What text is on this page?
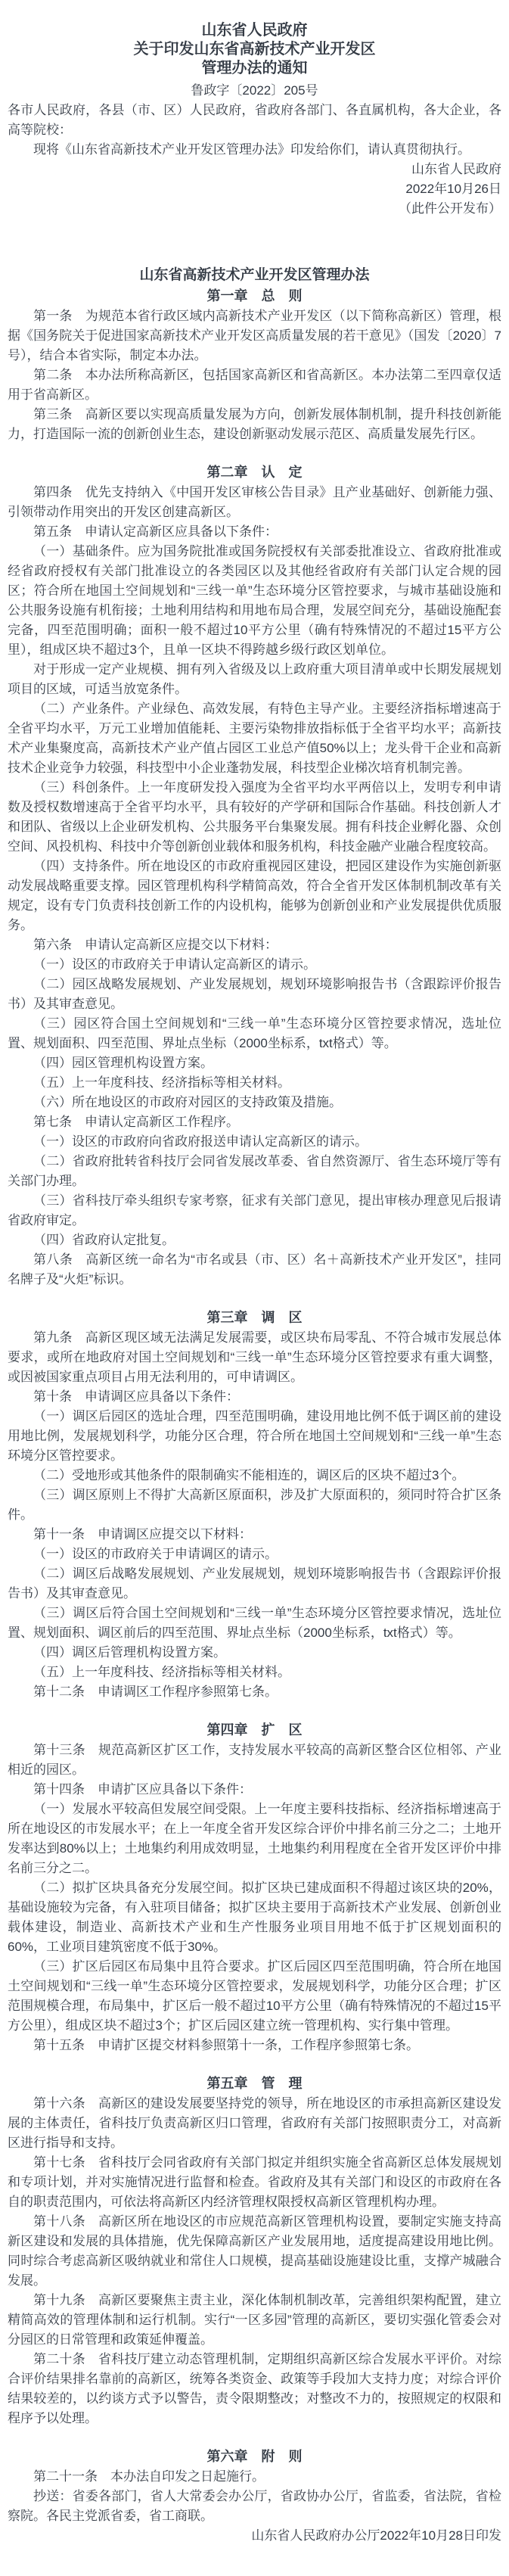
山东省人民政府
关于印发山东省高新技术产业开发区
管理办法的通知
鲁政字〔2022〕205号

各市人民政府，各县（市、区）人民政府，省政府各部门、各直属机构，各大企业，各高等院校：

现将《山东省高新技术产业开发区管理办法》印发给你们，请认真贯彻执行。

山东省人民政府

2022年10月26日

（此件公开发布）

山东省高新技术产业开发区管理办法
第一章　总　则

第一条　为规范本省行政区域内高新技术产业开发区（以下简称高新区）管理，根据《国务院关于促进国家高新技术产业开发区高质量发展的若干意见》（国发〔2020〕7号），结合本省实际，制定本办法。

第二条　本办法所称高新区，包括国家高新区和省高新区。本办法第二至四章仅适用于省高新区。

第三条　高新区要以实现高质量发展为方向，创新发展体制机制，提升科技创新能力，打造国际一流的创新创业生态，建设创新驱动发展示范区、高质量发展先行区。

第二章　认　定

第四条　优先支持纳入《中国开发区审核公告目录》且产业基础好、创新能力强、引领带动作用突出的开发区创建高新区。

第五条　申请认定高新区应具备以下条件：

（一）基础条件。应为国务院批准或国务院授权有关部委批准设立、省政府批准或经省政府授权有关部门批准设立的各类园区以及其他经省政府有关部门认定合规的园区；符合所在地国土空间规划和“三线一单”生态环境分区管控要求，与城市基础设施和公共服务设施有机衔接；土地利用结构和用地布局合理，发展空间充分，基础设施配套完备，四至范围明确；面积一般不超过10平方公里（确有特殊情况的不超过15平方公里），组成区块不超过3个，且单一区块不得跨越乡级行政区划单位。

对于形成一定产业规模、拥有列入省级及以上政府重大项目清单或中长期发展规划项目的区域，可适当放宽条件。

（二）产业条件。产业绿色、高效发展，有特色主导产业。主要经济指标增速高于全省平均水平，万元工业增加值能耗、主要污染物排放指标低于全省平均水平；高新技术产业集聚度高，高新技术产业产值占园区工业总产值50%以上；龙头骨干企业和高新技术企业竞争力较强，科技型中小企业蓬勃发展，科技型企业梯次培育机制完善。

（三）科创条件。上一年度研发投入强度为全省平均水平两倍以上，发明专利申请数及授权数增速高于全省平均水平，具有较好的产学研和国际合作基础。科技创新人才和团队、省级以上企业研发机构、公共服务平台集聚发展。拥有科技企业孵化器、众创空间、风投机构、科技中介等创新创业载体和服务机构，科技金融产业融合程度较高。

（四）支持条件。所在地设区的市政府重视园区建设，把园区建设作为实施创新驱动发展战略重要支撑。园区管理机构科学精简高效，符合全省开发区体制机制改革有关规定，设有专门负责科技创新工作的内设机构，能够为创新创业和产业发展提供优质服务。

第六条　申请认定高新区应提交以下材料：

（一）设区的市政府关于申请认定高新区的请示。

（二）园区战略发展规划、产业发展规划，规划环境影响报告书（含跟踪评价报告书）及其审查意见。

（三）园区符合国土空间规划和“三线一单”生态环境分区管控要求情况，选址位置、规划面积、四至范围、界址点坐标（2000坐标系，txt格式）等。

（四）园区管理机构设置方案。

（五）上一年度科技、经济指标等相关材料。

（六）所在地设区的市政府对园区的支持政策及措施。

第七条　申请认定高新区工作程序。

（一）设区的市政府向省政府报送申请认定高新区的请示。

（二）省政府批转省科技厅会同省发展改革委、省自然资源厅、省生态环境厅等有关部门办理。

（三）省科技厅牵头组织专家考察，征求有关部门意见，提出审核办理意见后报请省政府审定。

（四）省政府认定批复。

第八条　高新区统一命名为“市名或县（市、区）名＋高新技术产业开发区”，挂同名牌子及“火炬”标识。

第三章　调　区

第九条　高新区现区域无法满足发展需要，或区块布局零乱、不符合城市发展总体要求，或所在地政府对国土空间规划和“三线一单”生态环境分区管控要求有重大调整，或因被国家重点项目占用无法利用的，可申请调区。

第十条　申请调区应具备以下条件：

（一）调区后园区的选址合理，四至范围明确，建设用地比例不低于调区前的建设用地比例，发展规划科学，功能分区合理，符合所在地国土空间规划和“三线一单”生态环境分区管控要求。

（二）受地形或其他条件的限制确实不能相连的，调区后的区块不超过3个。

（三）调区原则上不得扩大高新区原面积，涉及扩大原面积的，须同时符合扩区条件。

第十一条　申请调区应提交以下材料：

（一）设区的市政府关于申请调区的请示。

（二）调区后战略发展规划、产业发展规划，规划环境影响报告书（含跟踪评价报告书）及其审查意见。

（三）调区后符合国土空间规划和“三线一单”生态环境分区管控要求情况，选址位置、规划面积、调区前后的四至范围、界址点坐标（2000坐标系，txt格式）等。

（四）调区后管理机构设置方案。

（五）上一年度科技、经济指标等相关材料。

第十二条　申请调区工作程序参照第七条。

第四章　扩　区

第十三条　规范高新区扩区工作，支持发展水平较高的高新区整合区位相邻、产业相近的园区。

第十四条　申请扩区应具备以下条件：

（一）发展水平较高但发展空间受限。上一年度主要科技指标、经济指标增速高于所在地设区的市发展水平；在上一年度全省开发区综合评价中排名前三分之二；土地开发率达到80%以上；土地集约利用成效明显，土地集约利用程度在全省开发区评价中排名前三分之二。

（二）拟扩区块具备充分发展空间。拟扩区块已建成面积不得超过该区块的20%，基础设施较为完备，有入驻项目储备；拟扩区块主要用于高新技术产业发展、创新创业载体建设，制造业、高新技术产业和生产性服务业项目用地不低于扩区规划面积的60%，工业项目建筑密度不低于30%。

（三）扩区后园区布局集中且符合要求。扩区后园区四至范围明确，符合所在地国土空间规划和“三线一单”生态环境分区管控要求，发展规划科学，功能分区合理；扩区范围规模合理，布局集中，扩区后一般不超过10平方公里（确有特殊情况的不超过15平方公里），组成区块不超过3个；扩区后园区建立统一管理机构、实行集中管理。

第十五条　申请扩区提交材料参照第十一条，工作程序参照第七条。

第五章　管　理

第十六条　高新区的建设发展要坚持党的领导，所在地设区的市承担高新区建设发展的主体责任，省科技厅负责高新区归口管理，省政府有关部门按照职责分工，对高新区进行指导和支持。

第十七条　省科技厅会同省政府有关部门拟定并组织实施全省高新区总体发展规划和专项计划，并对实施情况进行监督和检查。省政府及其有关部门和设区的市政府在各自的职责范围内，可依法将高新区内经济管理权限授权高新区管理机构办理。

第十八条　高新区所在地设区的市应规范高新区管理机构设置，要制定实施支持高新区建设和发展的具体措施，优先保障高新区产业发展用地，适度提高建设用地比例。同时综合考虑高新区吸纳就业和常住人口规模，提高基础设施建设比重，支撑产城融合发展。

第十九条　高新区要聚焦主责主业，深化体制机制改革，完善组织架构配置，建立精简高效的管理体制和运行机制。实行“一区多园”管理的高新区，要切实强化管委会对分园区的日常管理和政策延伸覆盖。

第二十条　省科技厅建立动态管理机制，定期组织高新区综合发展水平评价。对综合评价结果排名靠前的高新区，统筹各类资金、政策等手段加大支持力度；对综合评价结果较差的，以约谈方式予以警告，责令限期整改；对整改不力的，按照规定的权限和程序予以处理。

第六章　附　则

第二十一条　本办法自印发之日起施行。

抄送：省委各部门，省人大常委会办公厅，省政协办公厅，省监委，省法院，省检察院。各民主党派省委，省工商联。

山东省人民政府办公厅2022年10月28日印发
